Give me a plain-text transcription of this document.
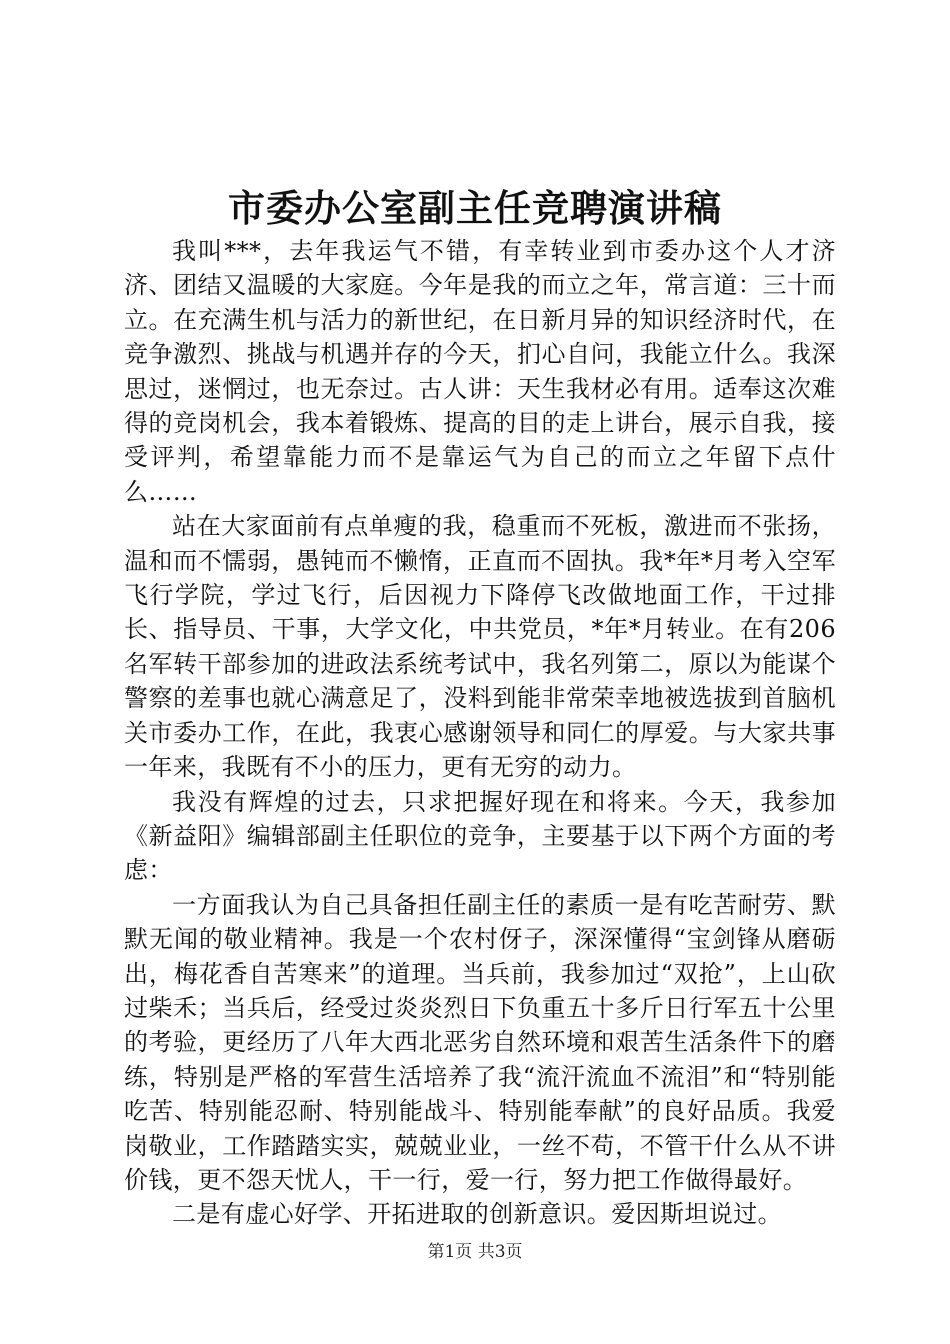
市委办公室副主任竞聘演讲稿

我叫***，去年我运气不错，有幸转业到市委办这个人才济济、团结又温暖的大家庭。今年是我的而立之年，常言道：三十而立。在充满生机与活力的新世纪，在日新月异的知识经济时代，在竞争激烈、挑战与机遇并存的今天，扪心自问，我能立什么。我深思过，迷惘过，也无奈过。古人讲：天生我材必有用。适奉这次难得的竞岗机会，我本着锻炼、提高的目的走上讲台，展示自我，接受评判，希望靠能力而不是靠运气为自己的而立之年留下点什么……

站在大家面前有点单瘦的我，稳重而不死板，激进而不张扬，温和而不懦弱，愚钝而不懒惰，正直而不固执。我*年*月考入空军飞行学院，学过飞行，后因视力下降停飞改做地面工作，干过排长、指导员、干事，大学文化，中共党员，*年*月转业。在有206名军转干部参加的进政法系统考试中，我名列第二，原以为能谋个警察的差事也就心满意足了，没料到能非常荣幸地被选拔到首脑机关市委办工作，在此，我衷心感谢领导和同仁的厚爱。与大家共事一年来，我既有不小的压力，更有无穷的动力。

我没有辉煌的过去，只求把握好现在和将来。今天，我参加《新益阳》编辑部副主任职位的竞争，主要基于以下两个方面的考虑：

一方面我认为自己具备担任副主任的素质一是有吃苦耐劳、默默无闻的敬业精神。我是一个农村伢子，深深懂得“宝剑锋从磨砺出，梅花香自苦寒来”的道理。当兵前，我参加过“双抢”，上山砍过柴禾；当兵后，经受过炎炎烈日下负重五十多斤日行军五十公里的考验，更经历了八年大西北恶劣自然环境和艰苦生活条件下的磨练，特别是严格的军营生活培养了我“流汗流血不流泪”和“特别能吃苦、特别能忍耐、特别能战斗、特别能奉献”的良好品质。我爱岗敬业，工作踏踏实实，兢兢业业，一丝不苟，不管干什么从不讲价钱，更不怨天忧人，干一行，爱一行，努力把工作做得最好。

二是有虚心好学、开拓进取的创新意识。爱因斯坦说过。

第1页 共3页
